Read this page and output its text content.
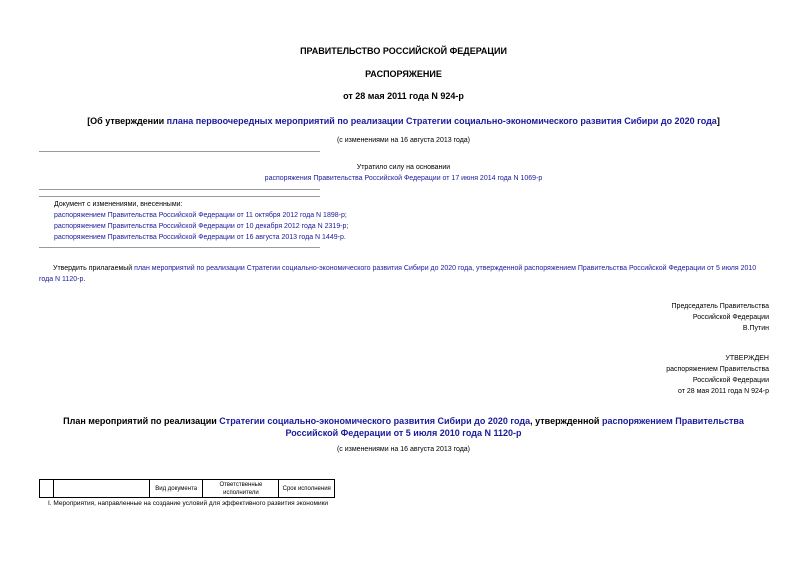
ПРАВИТЕЛЬСТВО РОССИЙСКОЙ ФЕДЕРАЦИИ
РАСПОРЯЖЕНИЕ
от 28 мая 2011 года N 924-р
[Об утверждении плана первоочередных мероприятий по реализации Стратегии социально-экономического развития Сибири до 2020 года]
(с изменениями на 16 августа 2013 года)
Утратило силу на основании
распоряжения Правительства Российской Федерации от 17 июня 2014 года N 1069-р
Документ с изменениями, внесенными:
распоряжением Правительства Российской Федерации от 11 октября 2012 года N 1898-р;
распоряжением Правительства Российской Федерации от 10 декабря 2012 года N 2319-р;
распоряжением Правительства Российской Федерации от 16 августа 2013 года N 1449-р.
Утвердить прилагаемый план мероприятий по реализации Стратегии социально-экономического развития Сибири до 2020 года, утвержденной распоряжением Правительства Российской Федерации от 5 июля 2010 года N 1120-р.
Председатель Правительства
Российской Федерации
В.Путин
УТВЕРЖДЕН
распоряжением Правительства
Российской Федерации
от 28 мая 2011 года N 924-р
План мероприятий по реализации Стратегии социально-экономического развития Сибири до 2020 года, утвержденной распоряжением Правительства Российской Федерации от 5 июля 2010 года N 1120-р
(с изменениями на 16 августа 2013 года)
		Вид документа	Ответственные исполнители	Срок исполнения
I. Мероприятия, направленные на создание условий для эффективного развития экономики
